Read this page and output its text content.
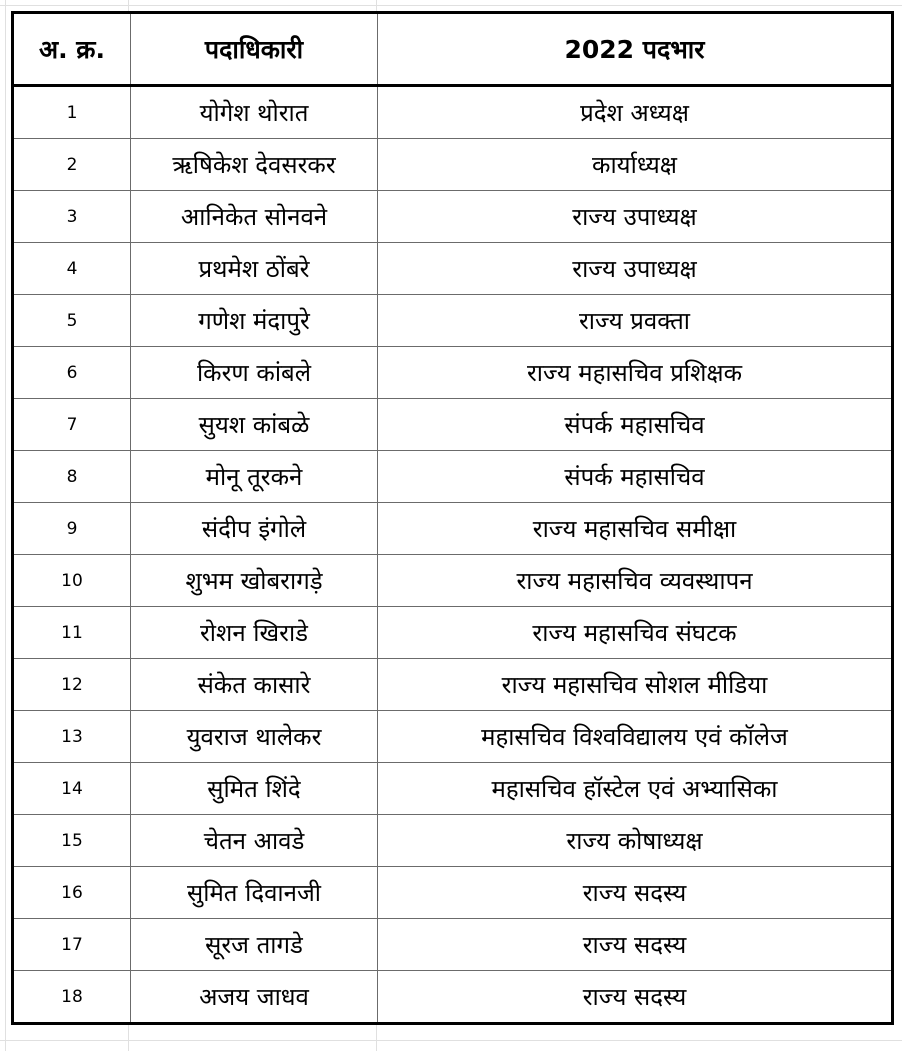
अ. क्र.	पदाधिकारी	2022 पदभार
1	योगेश थोरात	प्रदेश अध्यक्ष
2	ऋषिकेश देवसरकर	कार्याध्यक्ष
3	आनिकेत सोनवने	राज्य उपाध्यक्ष
4	प्रथमेश ठोंबरे	राज्य उपाध्यक्ष
5	गणेश मंदापुरे	राज्य प्रवक्ता
6	किरण कांबले	राज्य महासचिव प्रशिक्षक
7	सुयश कांबळे	संपर्क महासचिव
8	मोनू तूरकने	संपर्क महासचिव
9	संदीप इंगोले	राज्य महासचिव समीक्षा
10	शुभम खोबरागड़े	राज्य महासचिव व्यवस्थापन
11	रोशन खिराडे	राज्य महासचिव संघटक
12	संकेत कासारे	राज्य महासचिव सोशल मीडिया
13	युवराज थालेकर	महासचिव विश्वविद्यालय एवं कॉलेज
14	सुमित शिंदे	महासचिव हॉस्टेल एवं अभ्यासिका
15	चेतन आवडे	राज्य कोषाध्यक्ष
16	सुमित दिवानजी	राज्य सदस्य
17	सूरज तागडे	राज्य सदस्य
18	अजय जाधव	राज्य सदस्य
